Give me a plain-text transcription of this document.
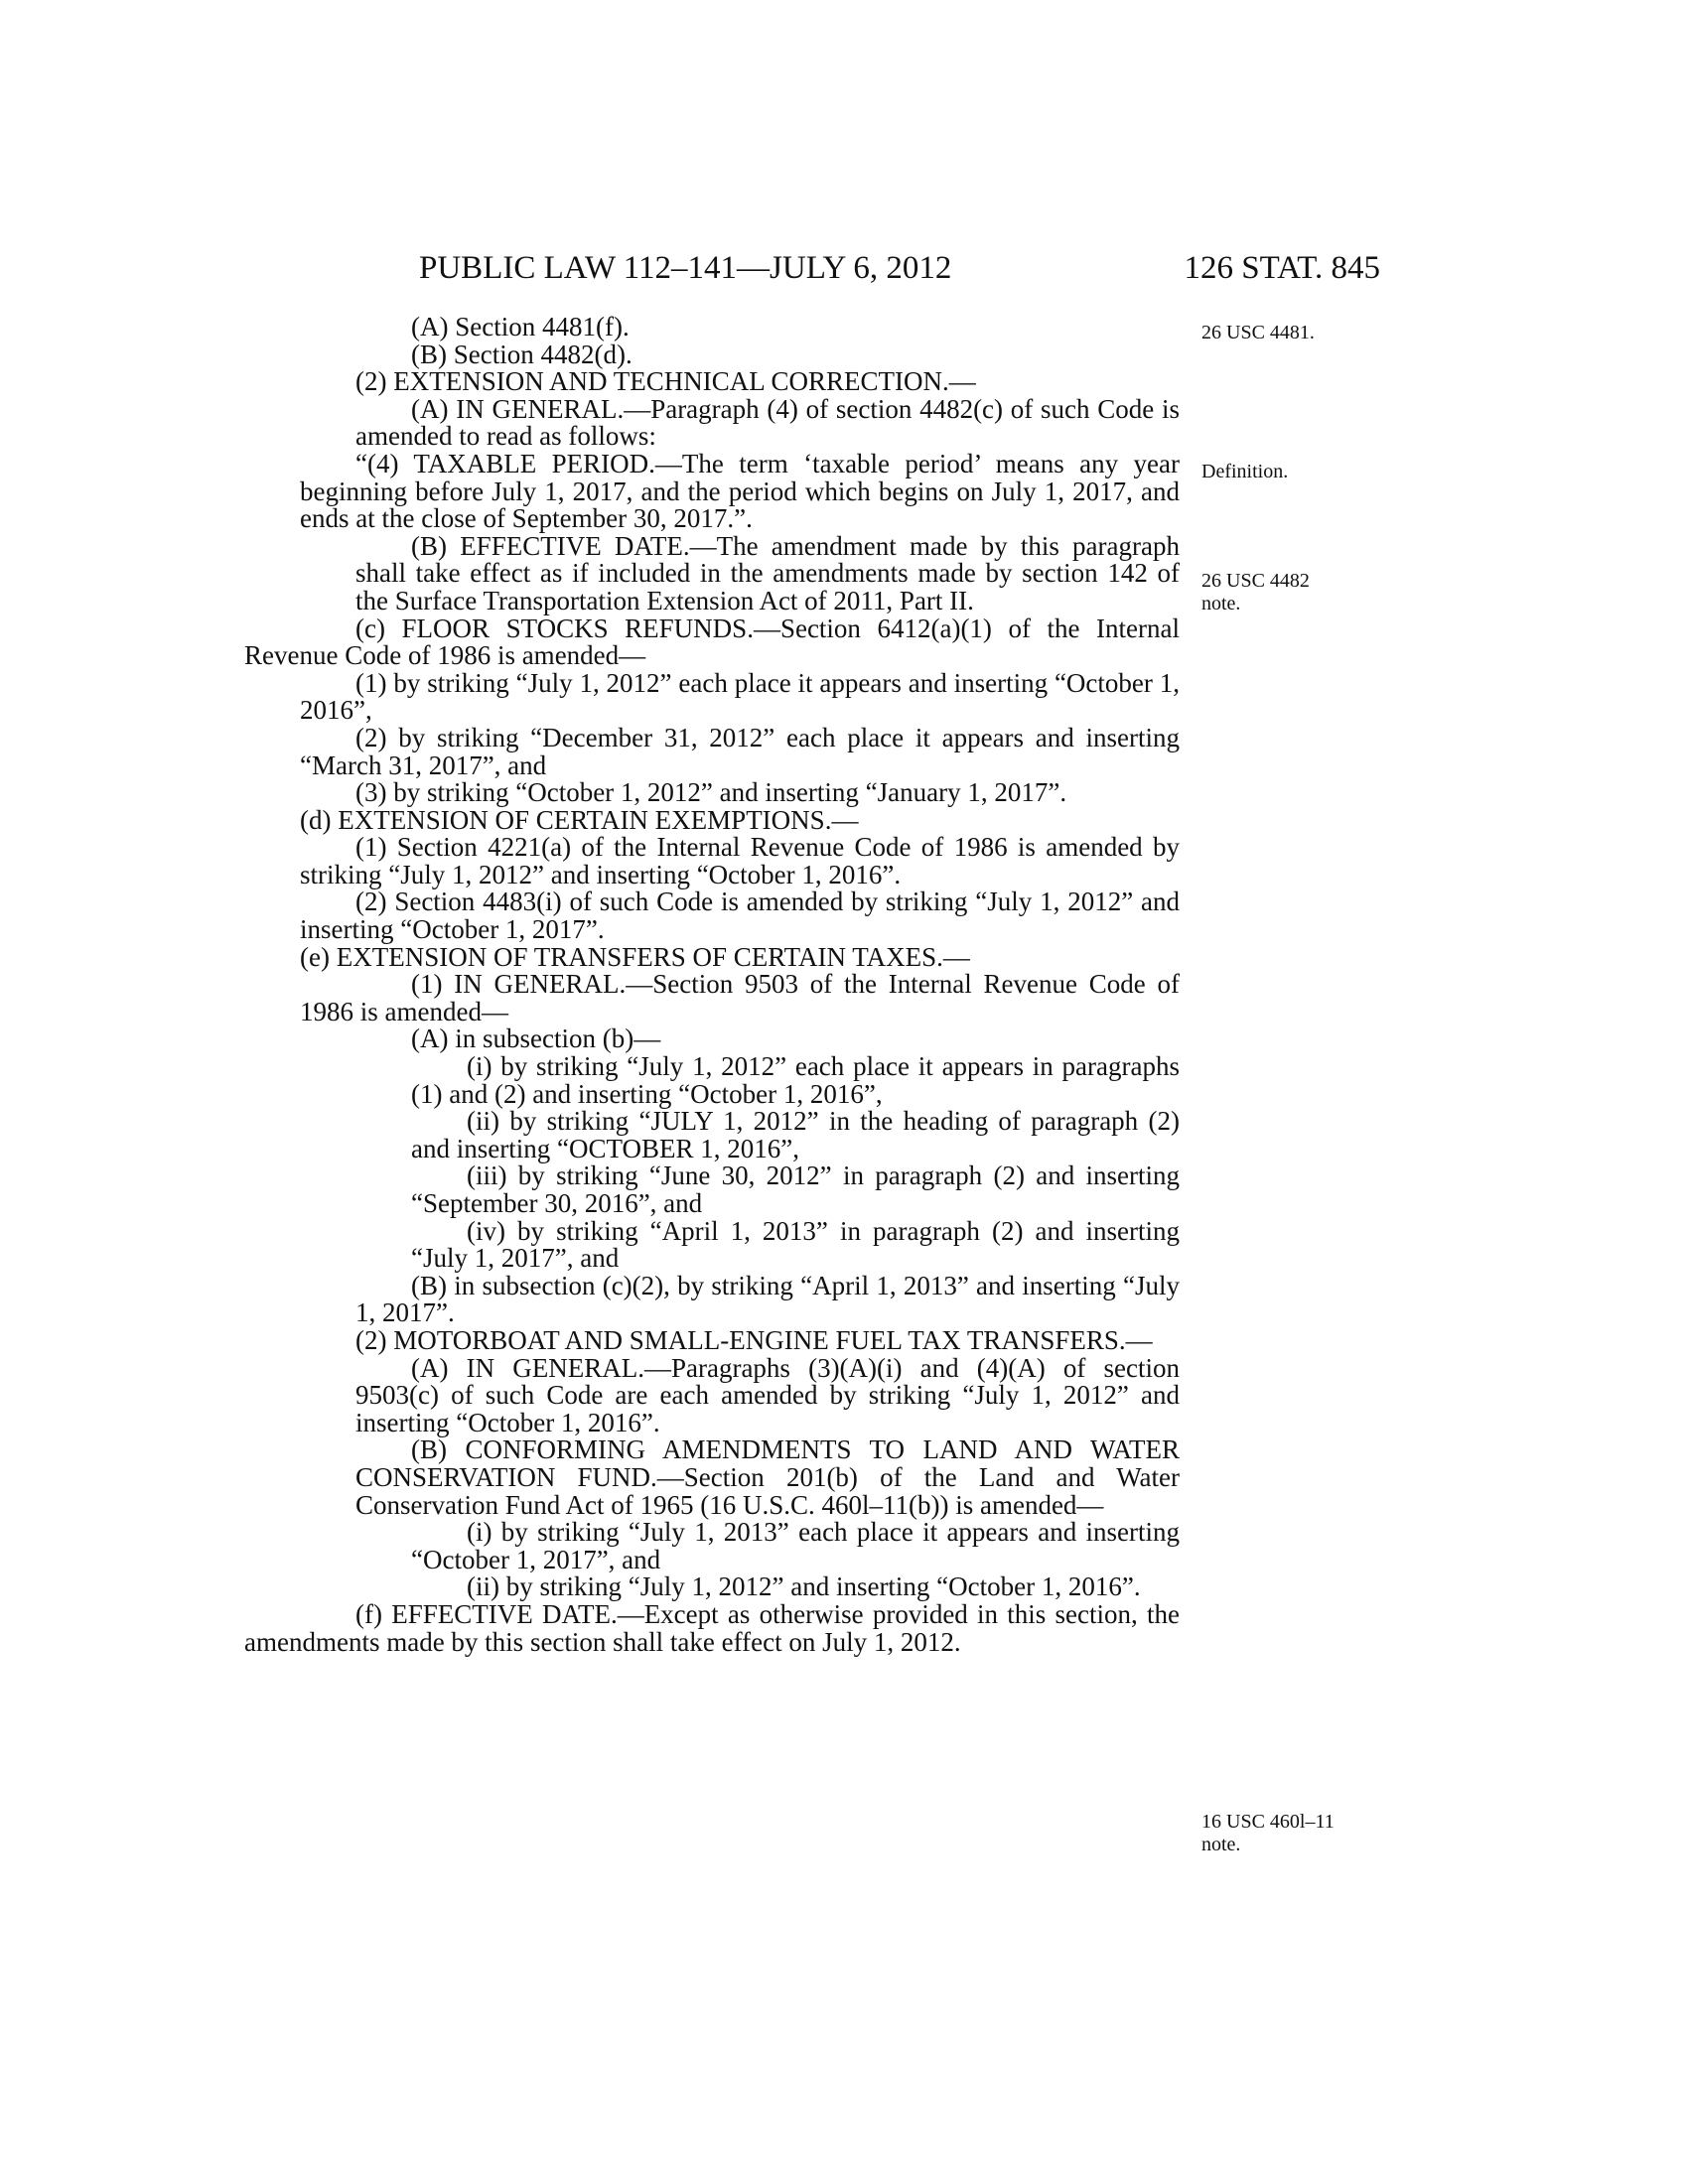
PUBLIC LAW 112–141—JULY 6, 2012	126 STAT. 845

(A) Section 4481(f).

(B) Section 4482(d).

(2) EXTENSION AND TECHNICAL CORRECTION.—

(A) IN GENERAL.—Paragraph (4) of section 4482(c) of such Code is amended to read as follows:

“(4) TAXABLE PERIOD.—The term ‘taxable period’ means any year beginning before July 1, 2017, and the period which begins on July 1, 2017, and ends at the close of September 30, 2017.”.

(B) EFFECTIVE DATE.—The amendment made by this paragraph shall take effect as if included in the amendments made by section 142 of the Surface Transportation Extension Act of 2011, Part II.

(c) FLOOR STOCKS REFUNDS.—Section 6412(a)(1) of the Internal Revenue Code of 1986 is amended—

(1) by striking “July 1, 2012” each place it appears and inserting “October 1, 2016”,

(2) by striking “December 31, 2012” each place it appears and inserting “March 31, 2017”, and

(3) by striking “October 1, 2012” and inserting “January 1, 2017”.

(d) EXTENSION OF CERTAIN EXEMPTIONS.—

(1) Section 4221(a) of the Internal Revenue Code of 1986 is amended by striking “July 1, 2012” and inserting “October 1, 2016”.

(2) Section 4483(i) of such Code is amended by striking “July 1, 2012” and inserting “October 1, 2017”.

(e) EXTENSION OF TRANSFERS OF CERTAIN TAXES.—

(1) IN GENERAL.—Section 9503 of the Internal Revenue Code of 1986 is amended—

(A) in subsection (b)—

(i) by striking “July 1, 2012” each place it appears in paragraphs (1) and (2) and inserting “October 1, 2016”,

(ii) by striking “JULY 1, 2012” in the heading of paragraph (2) and inserting “OCTOBER 1, 2016”,

(iii) by striking “June 30, 2012” in paragraph (2) and inserting “September 30, 2016”, and

(iv) by striking “April 1, 2013” in paragraph (2) and inserting “July 1, 2017”, and

(B) in subsection (c)(2), by striking “April 1, 2013” and inserting “July 1, 2017”.

(2) MOTORBOAT AND SMALL-ENGINE FUEL TAX TRANSFERS.—

(A) IN GENERAL.—Paragraphs (3)(A)(i) and (4)(A) of section 9503(c) of such Code are each amended by striking “July 1, 2012” and inserting “October 1, 2016”.

(B) CONFORMING AMENDMENTS TO LAND AND WATER CONSERVATION FUND.—Section 201(b) of the Land and Water Conservation Fund Act of 1965 (16 U.S.C. 460l–11(b)) is amended—

(i) by striking “July 1, 2013” each place it appears and inserting “October 1, 2017”, and

(ii) by striking “July 1, 2012” and inserting “October 1, 2016”.

(f) EFFECTIVE DATE.—Except as otherwise provided in this section, the amendments made by this section shall take effect on July 1, 2012.

26 USC 4481.
Definition.
26 USC 4482
note.
16 USC 460l–11
note.
